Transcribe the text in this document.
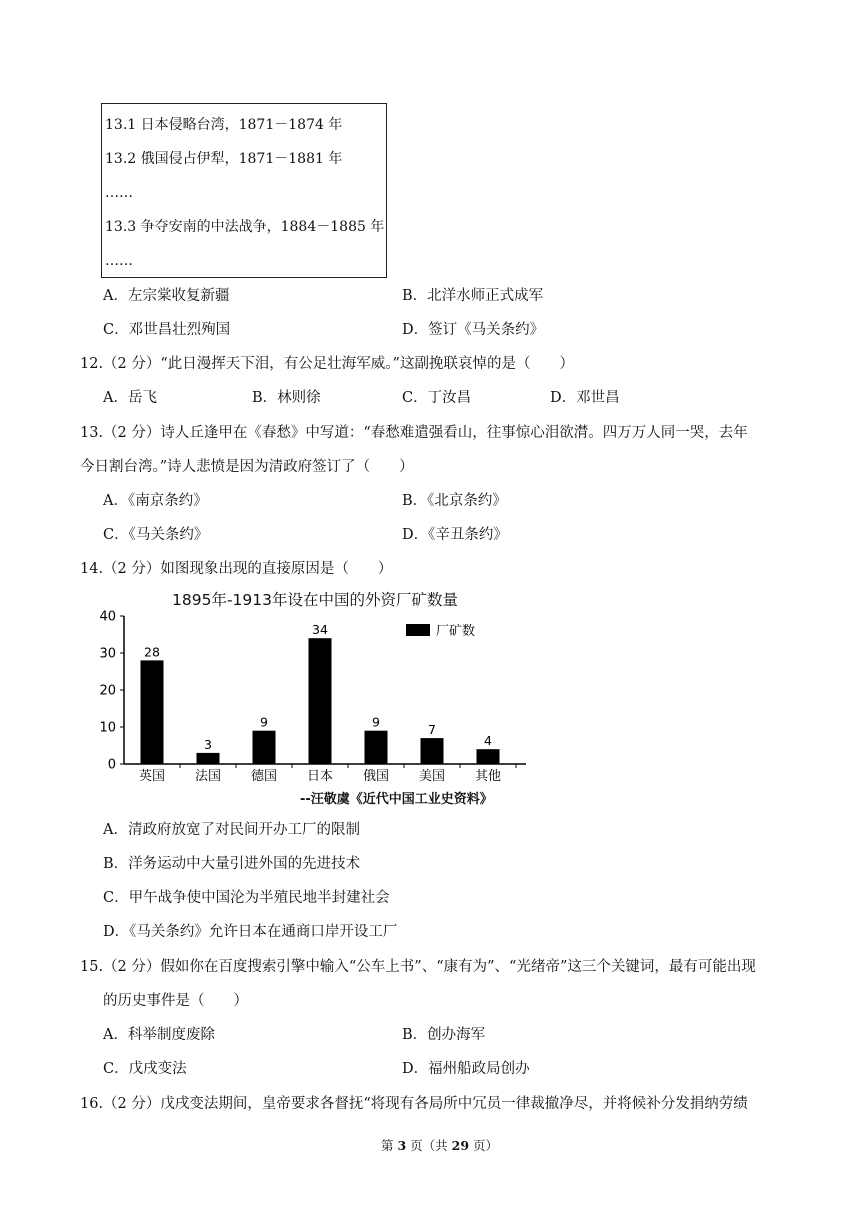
13.1 日本侵略台湾，1871－1874 年
13.2 俄国侵占伊犁，1871－1881 年
……
13.3 争夺安南的中法战争，1884－1885 年
……
A．左宗棠收复新疆	B．北洋水师正式成军
C．邓世昌壮烈殉国	D．签订《马关条约》
12.（2 分）“此日漫挥天下泪，有公足壮海军威。”这副挽联哀悼的是（　　）
A．岳飞	B．林则徐	C．丁汝昌	D．邓世昌
13.（2 分）诗人丘逢甲在《春愁》中写道：“春愁难遣强看山，往事惊心泪欲潸。四万万人同一哭，去年
今日割台湾。”诗人悲愤是因为清政府签订了（　　）
A．《南京条约》	B．《北京条约》
C．《马关条约》	D．《辛丑条约》
14.（2 分）如图现象出现的直接原因是（　　）
1895年-1913年设在中国的外资厂矿数量
0
10
20
30
40
28
英国
3
法国
9
德国
34
日本
9
俄国
7
美国
4
其他
厂矿数
--汪敬虞《近代中国工业史资料》
A．清政府放宽了对民间开办工厂的限制
B．洋务运动中大量引进外国的先进技术
C．甲午战争使中国沦为半殖民地半封建社会
D．《马关条约》允许日本在通商口岸开设工厂
15.（2 分）假如你在百度搜索引擎中输入“公车上书”、“康有为”、“光绪帝”这三个关键词，最有可能出现
的历史事件是（　　）
A．科举制度废除	B．创办海军
C．戊戌变法	D．福州船政局创办
16.（2 分）戊戌变法期间，皇帝要求各督抚“将现有各局所中冗员一律裁撤净尽，并将候补分发捐纳劳绩
第 3 页（共 29 页）
